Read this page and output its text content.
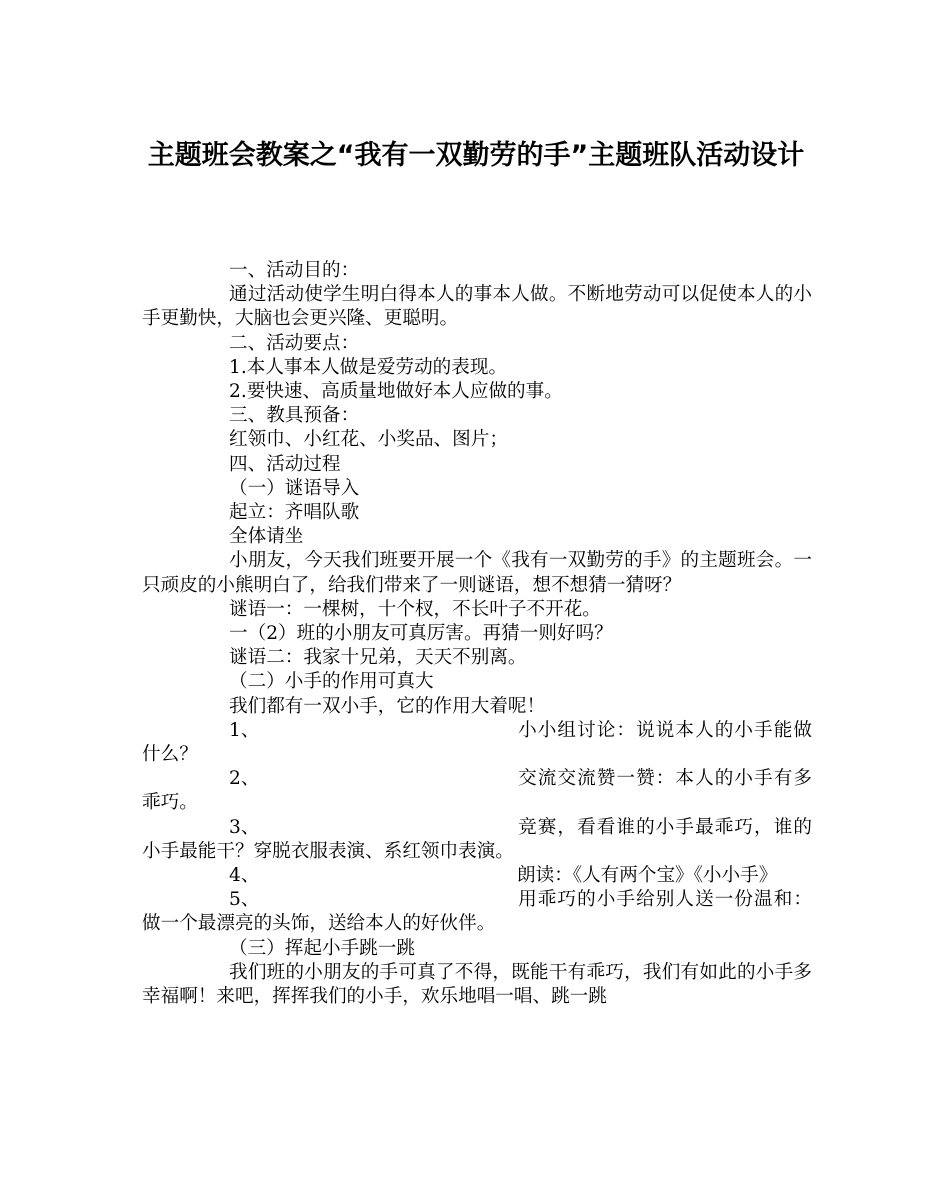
主题班会教案之“我有一双勤劳的手”主题班队活动设计

一、活动目的：

通过活动使学生明白得本人的事本人做。不断地劳动可以促使本人的小手更勤快，大脑也会更兴隆、更聪明。

二、活动要点：

1.本人事本人做是爱劳动的表现。

2.要快速、高质量地做好本人应做的事。

三、教具预备：

红领巾、小红花、小奖品、图片；

四、活动过程

（一）谜语导入

起立：齐唱队歌

全体请坐

小朋友，今天我们班要开展一个《我有一双勤劳的手》的主题班会。一只顽皮的小熊明白了，给我们带来了一则谜语，想不想猜一猜呀？

谜语一：一棵树，十个杈，不长叶子不开花。

一（2）班的小朋友可真厉害。再猜一则好吗？

谜语二：我家十兄弟，天天不别离。

（二）小手的作用可真大

我们都有一双小手，它的作用大着呢！

1、	小小组讨论：说说本人的小手能做什么？

2、	交流交流赞一赞：本人的小手有多乖巧。

3、	竞赛，看看谁的小手最乖巧，谁的小手最能干？穿脱衣服表演、系红领巾表演。

4、	朗读：《人有两个宝》《小小手》

5、	用乖巧的小手给别人送一份温和：做一个最漂亮的头饰，送给本人的好伙伴。

（三）挥起小手跳一跳

我们班的小朋友的手可真了不得，既能干有乖巧，我们有如此的小手多幸福啊！来吧，挥挥我们的小手，欢乐地唱一唱、跳一跳
